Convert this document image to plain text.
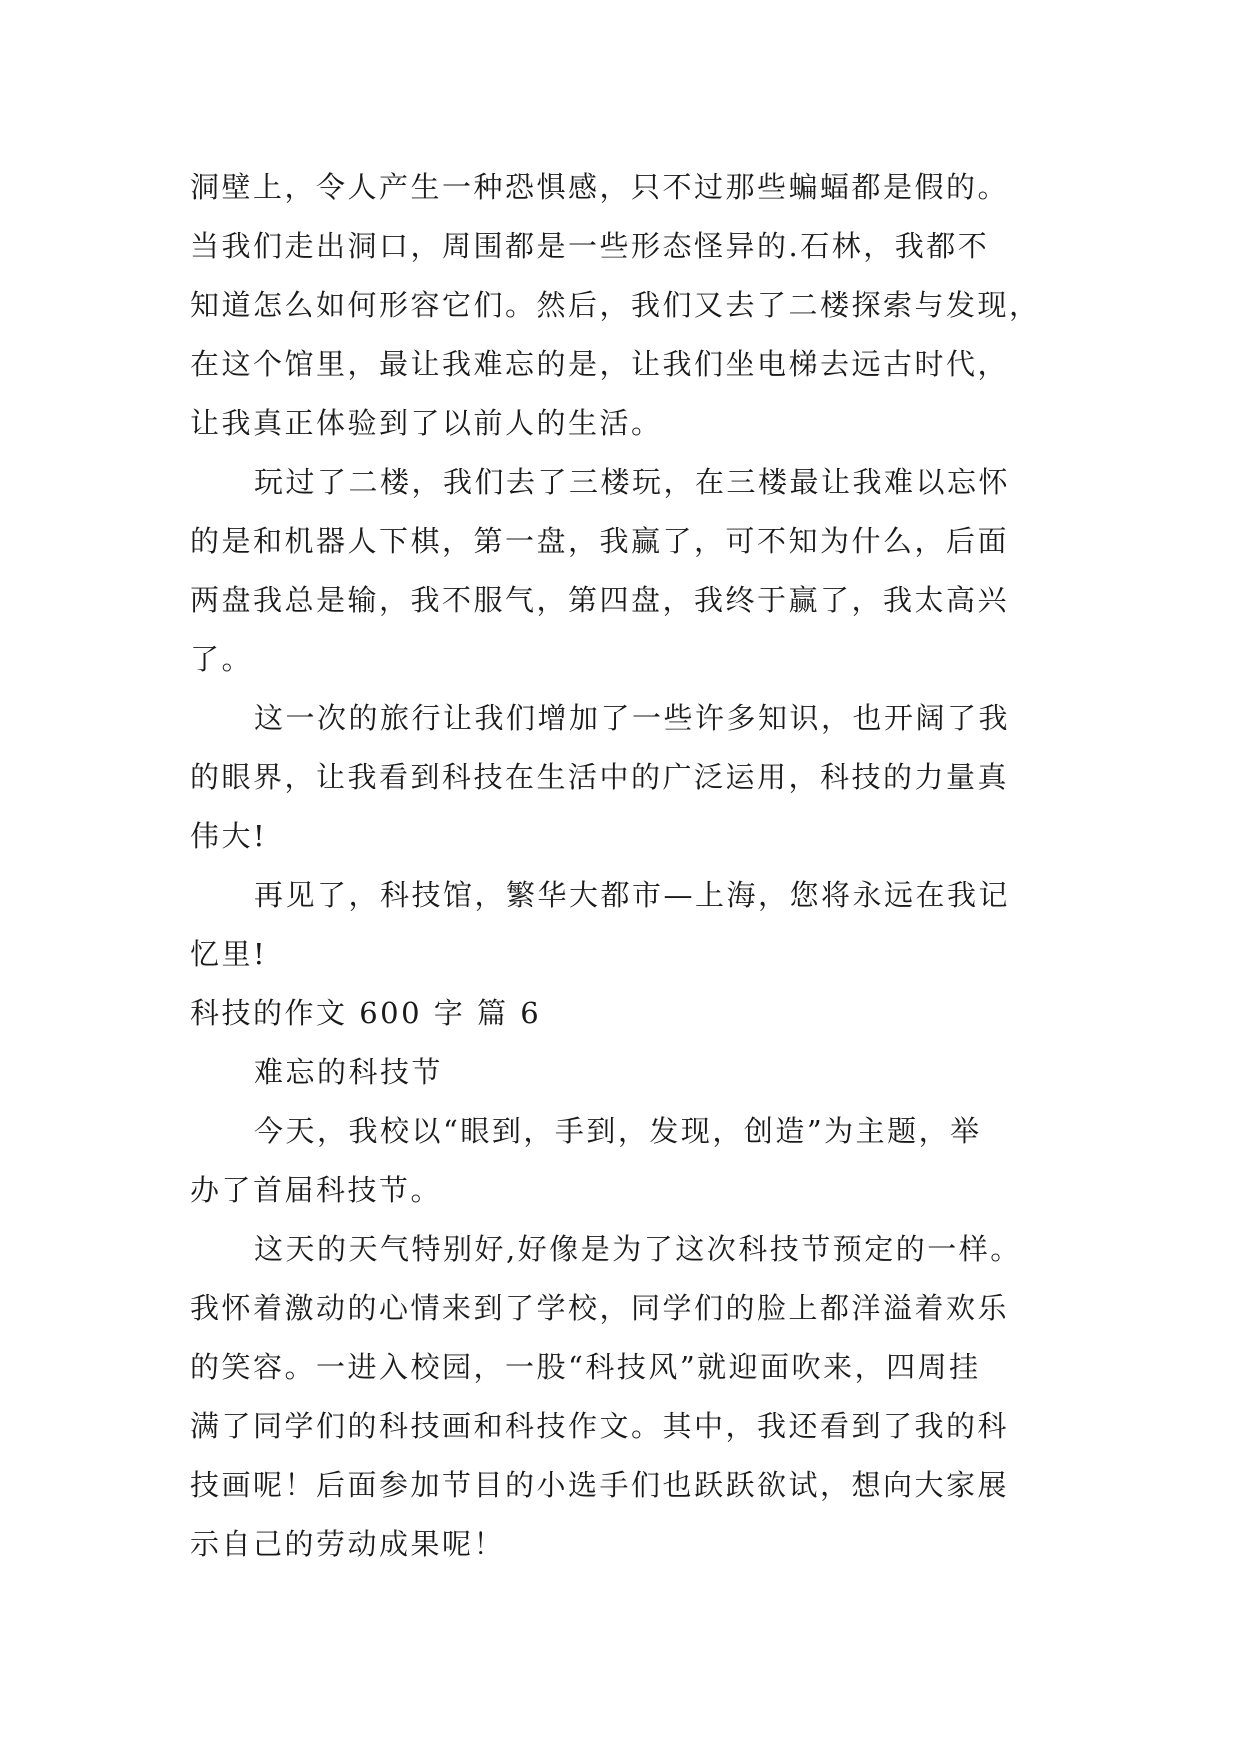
洞壁上，令人产生一种恐惧感，只不过那些蝙蝠都是假的。
当我们走出洞口，周围都是一些形态怪异的.石林，我都不
知道怎么如何形容它们。然后，我们又去了二楼探索与发现，
在这个馆里，最让我难忘的是，让我们坐电梯去远古时代，
让我真正体验到了以前人的生活。
玩过了二楼，我们去了三楼玩，在三楼最让我难以忘怀
的是和机器人下棋，第一盘，我赢了，可不知为什么，后面
两盘我总是输，我不服气，第四盘，我终于赢了，我太高兴
了。
这一次的旅行让我们增加了一些许多知识，也开阔了我
的眼界，让我看到科技在生活中的广泛运用，科技的力量真
伟大!
再见了，科技馆，繁华大都市—上海，您将永远在我记
忆里!
科技的作文 600 字 篇 6
难忘的科技节
今天，我校以“眼到，手到，发现，创造”为主题，举
办了首届科技节。
这天的天气特别好,好像是为了这次科技节预定的一样。
我怀着激动的心情来到了学校，同学们的脸上都洋溢着欢乐
的笑容。一进入校园，一股“科技风”就迎面吹来，四周挂
满了同学们的科技画和科技作文。其中，我还看到了我的科
技画呢！后面参加节目的小选手们也跃跃欲试，想向大家展
示自己的劳动成果呢！
